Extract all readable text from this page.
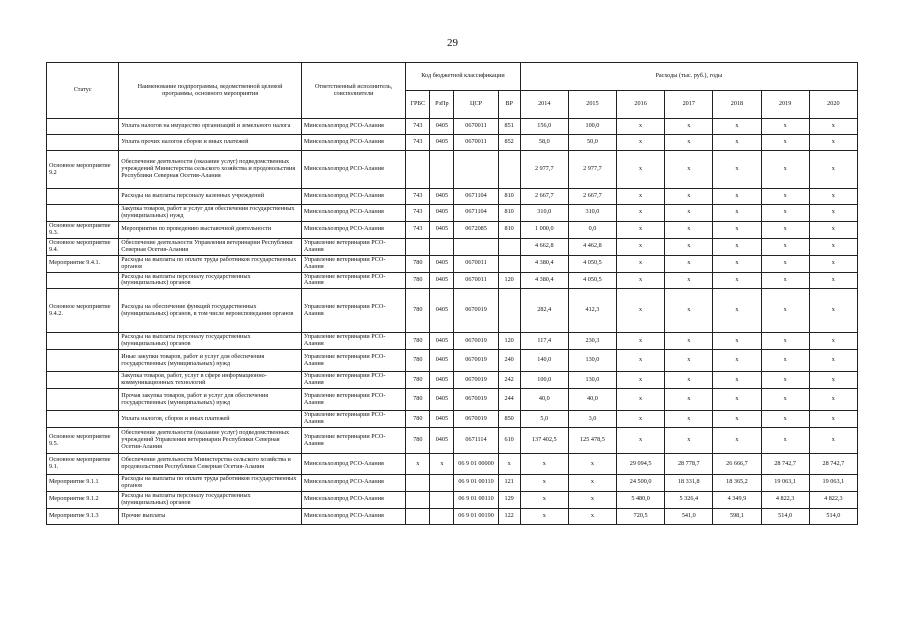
29
Статус	Наименование подпрограммы, ведомственной целевой программы, основного мероприятия	Ответственный исполнитель, соисполнители	Код бюджетной классификации				Расходы (тыс. руб.), годы						
			ГРБС	РзПр	ЦСР	ВР	2014	2015	2016	2017	2018	2019	2020
	Уплата налогов на имущество организаций и земельного налога	Минсельхозпрод РСО-Алания	743	0405	0670011	851	156,0	100,0	x	x	x	x	x
	Уплата прочих налогов сборов и иных платежей	Минсельхозпрод РСО-Алания	743	0405	0670011	852	58,0	50,0	x	x	x	x	x
Основное мероприятие 9.2	Обеспечение деятельности (оказание услуг) подведомственных учреждений Министерства сельского хозяйства и продовольствия Республики Северная Осетия-Алания	Минсельхозпрод РСО-Алания					2 977,7	2 977,7	x	x	x	x	x
	Расходы на выплаты персоналу казенных учреждений	Минсельхозпрод РСО-Алания	743	0405	0671104	810	2 667,7	2 667,7	x	x	x	x	x
	Закупка товаров, работ и услуг для обеспечения государственных (муниципальных) нужд	Минсельхозпрод РСО-Алания	743	0405	0671104	810	310,0	310,0	x	x	x	x	x
Основное мероприятие 9.3.	Мероприятия по проведению выставочной деятельности	Минсельхозпрод РСО-Алания	743	0405	0672085	810	1 000,0	0,0	x	x	x	x	x
Основное мероприятие 9.4.	Обеспечение деятельности Управления ветеринарии Республики Северная Осетия-Алания	Управление ветеринарии РСО-Алания					4 662,8	4 462,8	x	x	x	x	x
Мероприятие 9.4.1.	Расходы на выплаты по оплате труда работников государственных органов	Управление ветеринарии РСО-Алания	780	0405	0670011		4 380,4	4 050,5	x	x	x	x	x
	Расходы на выплаты персоналу государственных (муниципальных) органов	Управление ветеринарии РСО-Алания	780	0405	0670011	120	4 380,4	4 050,5	x	x	x	x	x
Основное мероприятие 9.4.2.	Расходы на обеспечение функций государственных (муниципальных) органов, в том числе вероисповедания органов	Управление ветеринарии РСО-Алания	780	0405	0670019		282,4	412,3	x	x	x	x	x
	Расходы на выплаты персоналу государственных (муниципальных) органов	Управление ветеринарии РСО-Алания	780	0405	0670019	120	117,4	230,3	x	x	x	x	x
	Иные закупки товаров, работ и услуг для обеспечения государственных (муниципальных) нужд	Управление ветеринарии РСО-Алания	780	0405	0670019	240	140,0	130,0	x	x	x	x	x
	Закупка товаров, работ, услуг в сфере информационно-коммуникационных технологий	Управление ветеринарии РСО-Алания	780	0405	0670019	242	100,0	130,0	x	x	x	x	x
	Прочая закупка товаров, работ и услуг для обеспечения государственных (муниципальных) нужд	Управление ветеринарии РСО-Алания	780	0405	0670019	244	40,0	40,0	x	x	x	x	x
	Уплата налогов, сборов и иных платежей	Управление ветеринарии РСО-Алания	780	0405	0670019	850	5,0	3,0	x	x	x	x	x
Основное мероприятие 9.5.	Обеспечение деятельности (оказание услуг) подведомственных учреждений Управления ветеринарии Республики Северная Осетия-Алания	Управление ветеринарии РСО-Алания	780	0405	0671114	610	137 402,5	125 478,5	x	x	x	x	x
Основное мероприятие 9.1.	Обеспечение деятельности Министерства сельского хозяйства и продовольствия Республики Северная Осетия-Алания	Минсельхозпрод РСО-Алания	x	x	06 9 01 00000	x	x	x	29 094,5	28 778,7	26 666,7	28 742,7	28 742,7
Мероприятие 9.1.1	Расходы на выплаты по оплате труда работников государственных органов	Минсельхозпрод РСО-Алания			06 9 01 00110	121	x	x	24 500,0	18 331,8	18 365,2	19 063,1	19 063,1
Мероприятие 9.1.2	Расходы на выплаты персоналу государственных (муниципальных) органов	Минсельхозпрод РСО-Алания			06 9 01 00110	129	x	x	5 480,0	5 326,4	4 349,9	4 822,3	4 822,3
Мероприятие 9.1.3	Прочие выплаты	Минсельхозпрод РСО-Алания			06 9 01 00190	122	x	x	720,5	541,0	598,1	514,0	514,0
